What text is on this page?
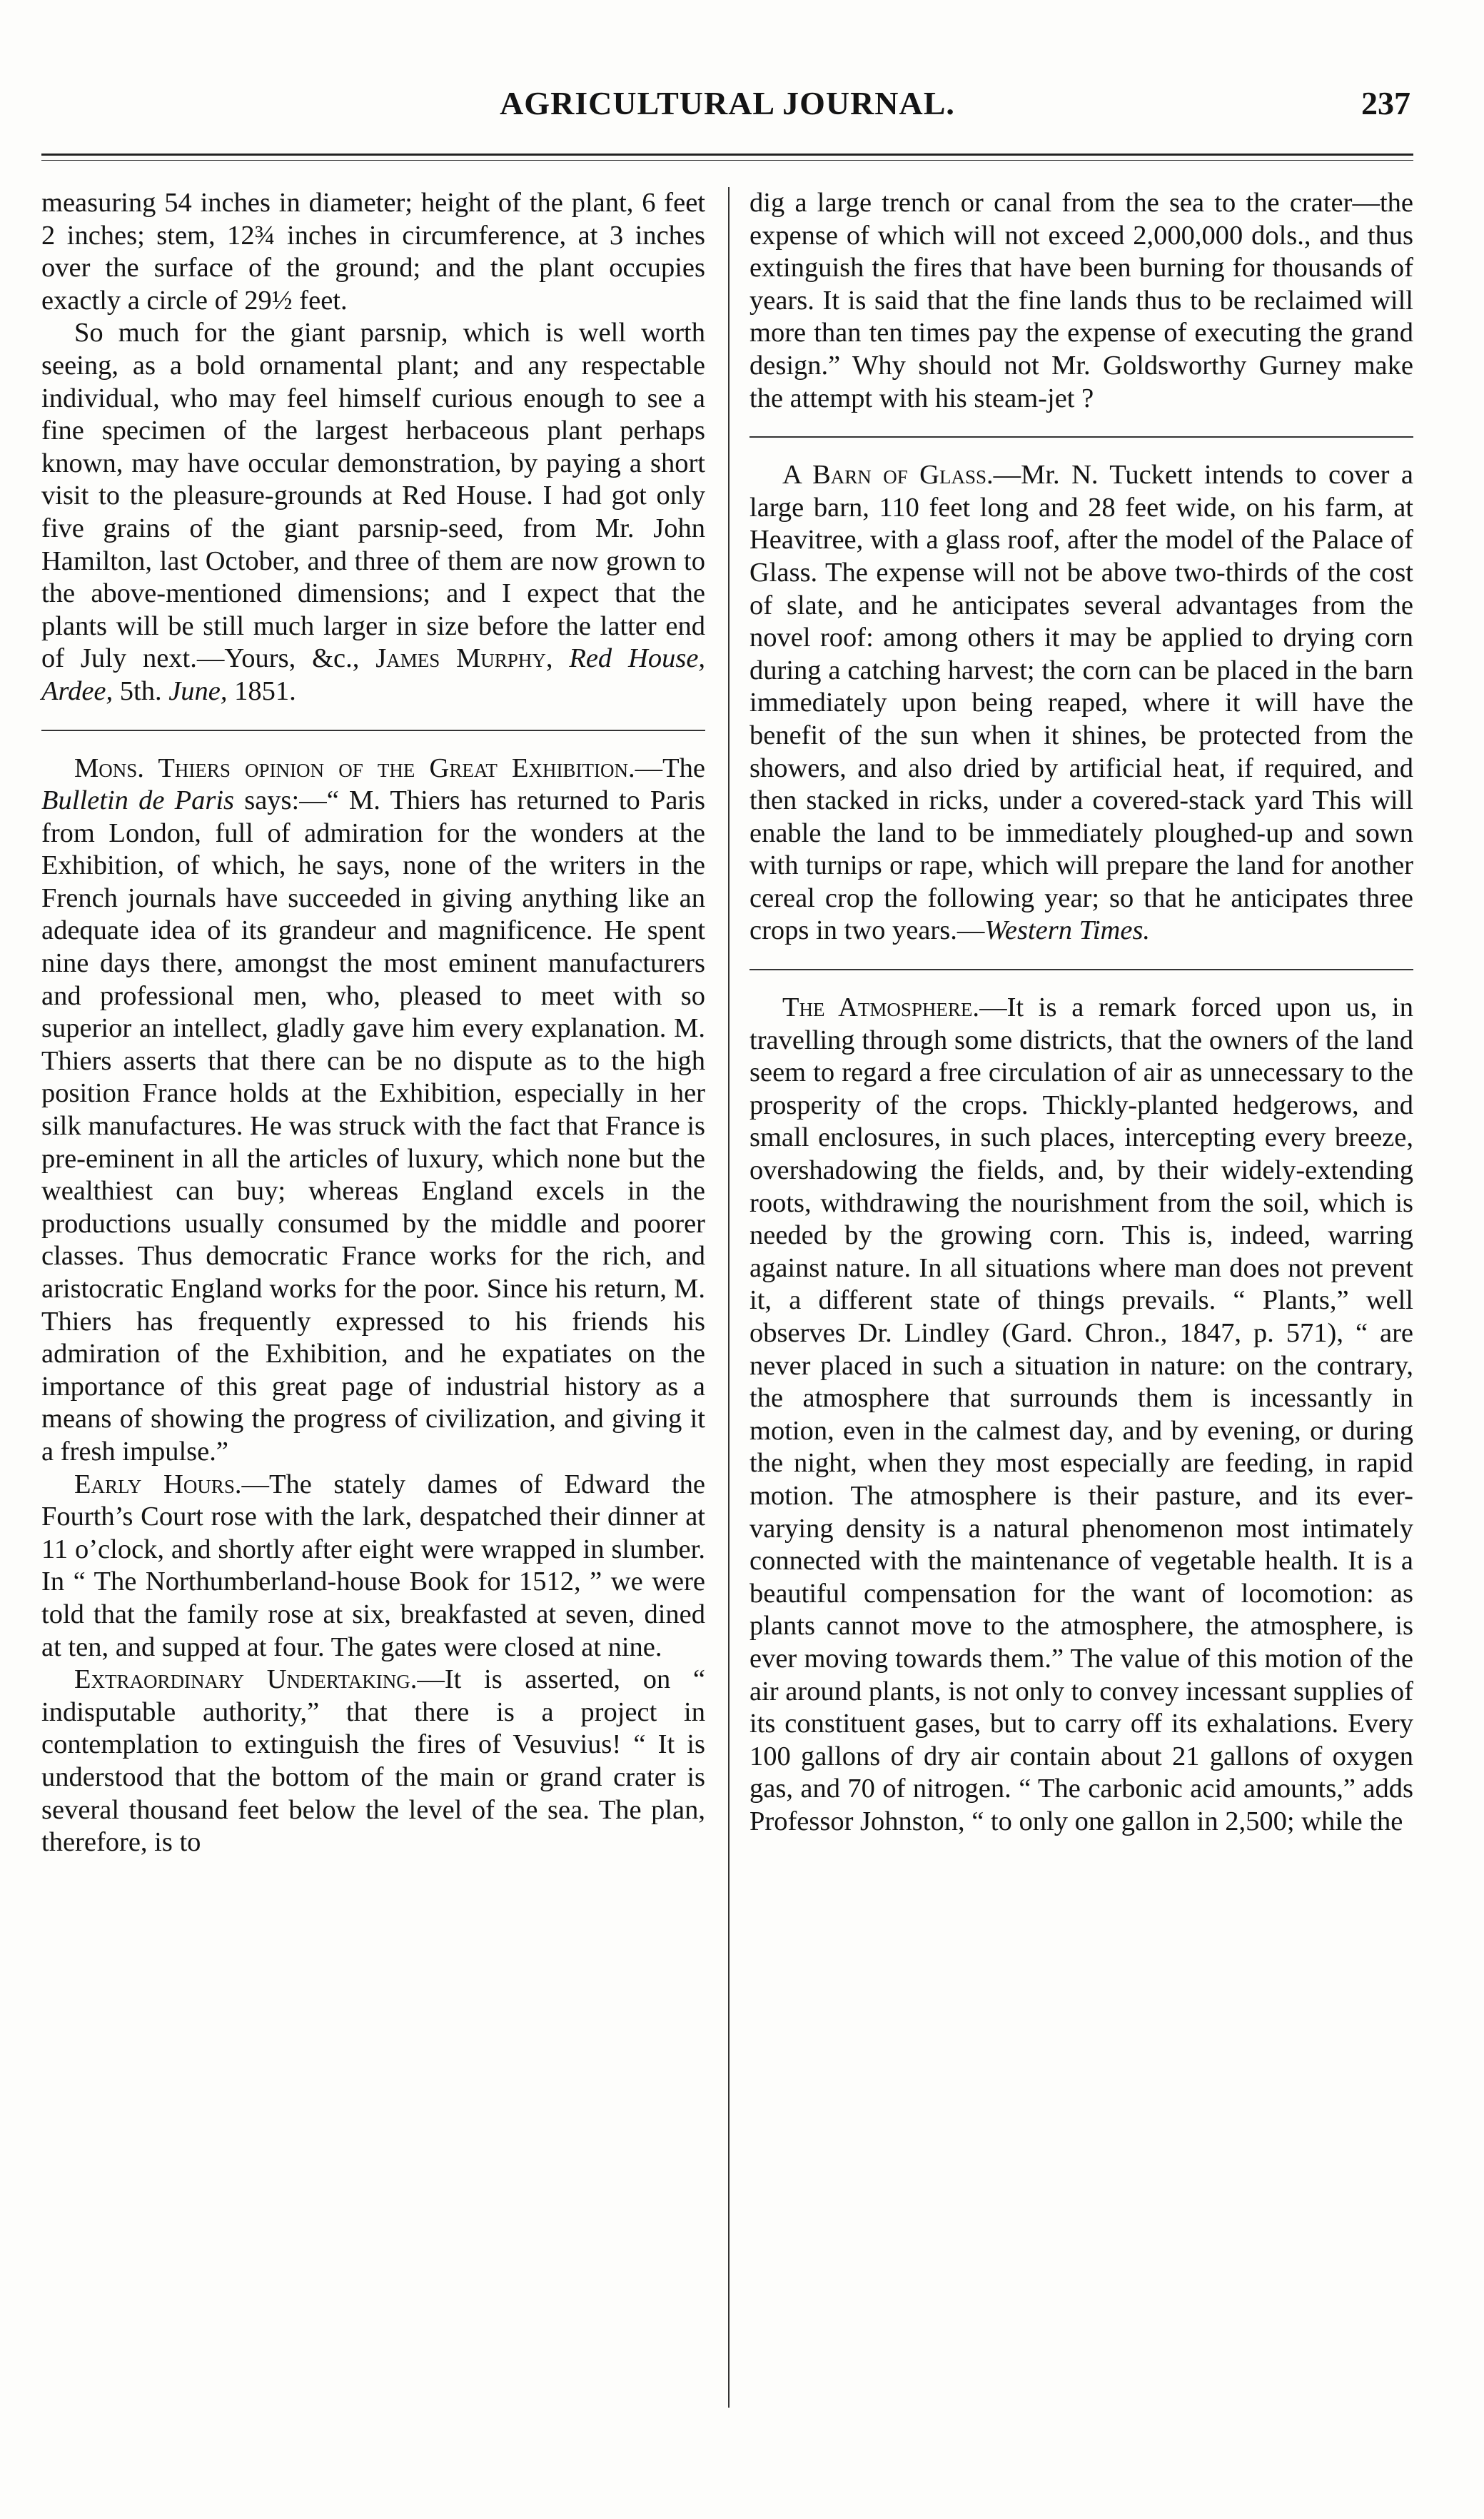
AGRICULTURAL JOURNAL.	237

measuring 54 inches in diameter; height of the plant, 6 feet 2 inches; stem, 12¾ inches in circumference, at 3 inches over the surface of the ground; and the plant occupies exactly a circle of 29½ feet.

So much for the giant parsnip, which is well worth seeing, as a bold ornamental plant; and any respectable individual, who may feel himself curious enough to see a fine specimen of the largest herbaceous plant perhaps known, may have occular demonstration, by paying a short visit to the pleasure-grounds at Red House. I had got only five grains of the giant parsnip-seed, from Mr. John Hamilton, last October, and three of them are now grown to the above-mentioned dimensions; and I expect that the plants will be still much larger in size before the latter end of July next.—Yours, &c., James Murphy, Red House, Ardee, 5th. June, 1851.

Mons. Thiers opinion of the Great Exhibition.—The Bulletin de Paris says:—“ M. Thiers has returned to Paris from London, full of admiration for the wonders at the Exhibition, of which, he says, none of the writers in the French journals have succeeded in giving anything like an adequate idea of its grandeur and magnificence. He spent nine days there, amongst the most eminent manufacturers and professional men, who, pleased to meet with so superior an intellect, gladly gave him every explanation. M. Thiers asserts that there can be no dispute as to the high position France holds at the Exhibition, especially in her silk manufactures. He was struck with the fact that France is pre-eminent in all the articles of luxury, which none but the wealthiest can buy; whereas England excels in the productions usually consumed by the middle and poorer classes. Thus democratic France works for the rich, and aristocratic England works for the poor. Since his return, M. Thiers has frequently expressed to his friends his admiration of the Exhibition, and he expatiates on the importance of this great page of industrial history as a means of showing the progress of civilization, and giving it a fresh impulse.”

Early Hours.—The stately dames of Edward the Fourth’s Court rose with the lark, despatched their dinner at 11 o’clock, and shortly after eight were wrapped in slumber. In “ The Northumberland-house Book for 1512, ” we were told that the family rose at six, breakfasted at seven, dined at ten, and supped at four. The gates were closed at nine.

Extraordinary Undertaking.—It is asserted, on “ indisputable authority,” that there is a project in contemplation to extinguish the fires of Vesuvius! “ It is understood that the bottom of the main or grand crater is several thousand feet below the level of the sea. The plan, therefore, is to

dig a large trench or canal from the sea to the crater—the expense of which will not exceed 2,000,000 dols., and thus extinguish the fires that have been burning for thousands of years. It is said that the fine lands thus to be reclaimed will more than ten times pay the expense of executing the grand design.” Why should not Mr. Goldsworthy Gurney make the attempt with his steam-jet ?

A Barn of Glass.—Mr. N. Tuckett intends to cover a large barn, 110 feet long and 28 feet wide, on his farm, at Heavitree, with a glass roof, after the model of the Palace of Glass. The expense will not be above two-thirds of the cost of slate, and he anticipates several advantages from the novel roof: among others it may be applied to drying corn during a catching harvest; the corn can be placed in the barn immediately upon being reaped, where it will have the benefit of the sun when it shines, be protected from the showers, and also dried by artificial heat, if required, and then stacked in ricks, under a covered-stack yard This will enable the land to be immediately ploughed-up and sown with turnips or rape, which will prepare the land for another cereal crop the following year; so that he anticipates three crops in two years.—Western Times.

The Atmosphere.—It is a remark forced upon us, in travelling through some districts, that the owners of the land seem to regard a free circulation of air as unnecessary to the prosperity of the crops. Thickly-planted hedgerows, and small enclosures, in such places, intercepting every breeze, overshadowing the fields, and, by their widely-extending roots, withdrawing the nourishment from the soil, which is needed by the growing corn. This is, indeed, warring against nature. In all situations where man does not prevent it, a different state of things prevails. “ Plants,” well observes Dr. Lindley (Gard. Chron., 1847, p. 571), “ are never placed in such a situation in nature: on the contrary, the atmosphere that surrounds them is incessantly in motion, even in the calmest day, and by evening, or during the night, when they most especially are feeding, in rapid motion. The atmosphere is their pasture, and its ever-varying density is a natural phenomenon most intimately connected with the maintenance of vegetable health. It is a beautiful compensation for the want of locomotion: as plants cannot move to the atmosphere, the atmosphere, is ever moving towards them.” The value of this motion of the air around plants, is not only to convey incessant supplies of its constituent gases, but to carry off its exhalations. Every 100 gallons of dry air contain about 21 gallons of oxygen gas, and 70 of nitrogen. “ The carbonic acid amounts,” adds Professor Johnston, “ to only one gallon in 2,500; while the
